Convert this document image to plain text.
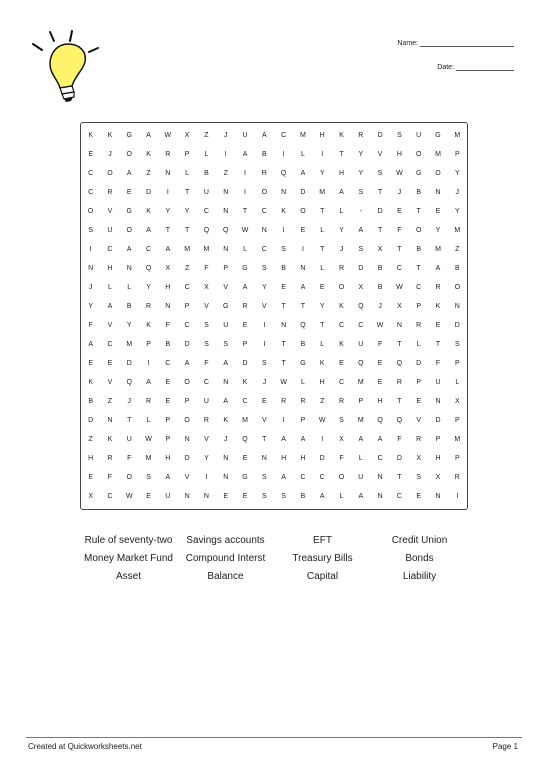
Name:
Date:
K	K	G	A	W	X	Z	J	U	A	C	M	H	K	R	D	S	U	G	M
E	J	O	K	R	P	L	I	A	B	I	L	I	T	Y	V	H	O	M	P
C	O	A	Z	N	L	B	Z	I	R	Q	A	Y	H	Y	S	W	G	O	Y
C	R	E	D	I	T	U	N	I	O	N	D	M	A	S	T	J	B	N	J
O	V	G	K	Y	Y	C	N	T	C	K	O	T	L	-	D	E	T	E	Y
S	U	O	A	T	T	Q	Q	W	N	I	E	L	Y	A	T	F	O	Y	M
I	C	A	C	A	M	M	N	L	C	S	I	T	J	S	X	T	B	M	Z
N	H	N	Q	X	Z	F	P	G	S	B	N	L	R	D	B	C	T	A	B
J	L	L	Y	H	C	X	V	A	Y	E	A	E	O	X	B	W	C	R	O
Y	A	B	R	N	P	V	G	R	V	T	T	Y	K	Q	J	X	P	K	N
F	V	Y	K	F	C	S	U	E	I	N	Q	T	C	C	W	N	R	E	D
A	C	M	P	B	D	S	S	P	I	T	B	L	K	U	F	T	L	T	S
E	E	D	I	C	A	F	A	D	S	T	G	K	E	Q	E	Q	D	F	P
K	V	Q	A	E	O	C	N	K	J	W	L	H	C	M	E	R	P	U	L
B	Z	J	R	E	P	U	A	C	E	R	R	Z	R	P	H	T	E	N	X
D	N	T	L	P	O	R	K	M	V	I	P	W	S	M	Q	Q	V	D	P
Z	K	U	W	P	N	V	J	Q	T	A	A	I	X	A	A	F	R	P	M
H	R	F	M	H	D	Y	N	E	N	H	H	D	F	L	C	D	X	H	P
E	F	O	S	A	V	I	N	G	S	A	C	C	O	U	N	T	S	X	R
X	C	W	E	U	N	N	E	E	S	S	B	A	L	A	N	C	E	N	I
Rule of seventy-two	Savings accounts	EFT	Credit Union
Money Market Fund	Compound Interst	Treasury Bills	Bonds
Asset	Balance	Capital	Liability
Created at Quickworksheets.net	Page 1
